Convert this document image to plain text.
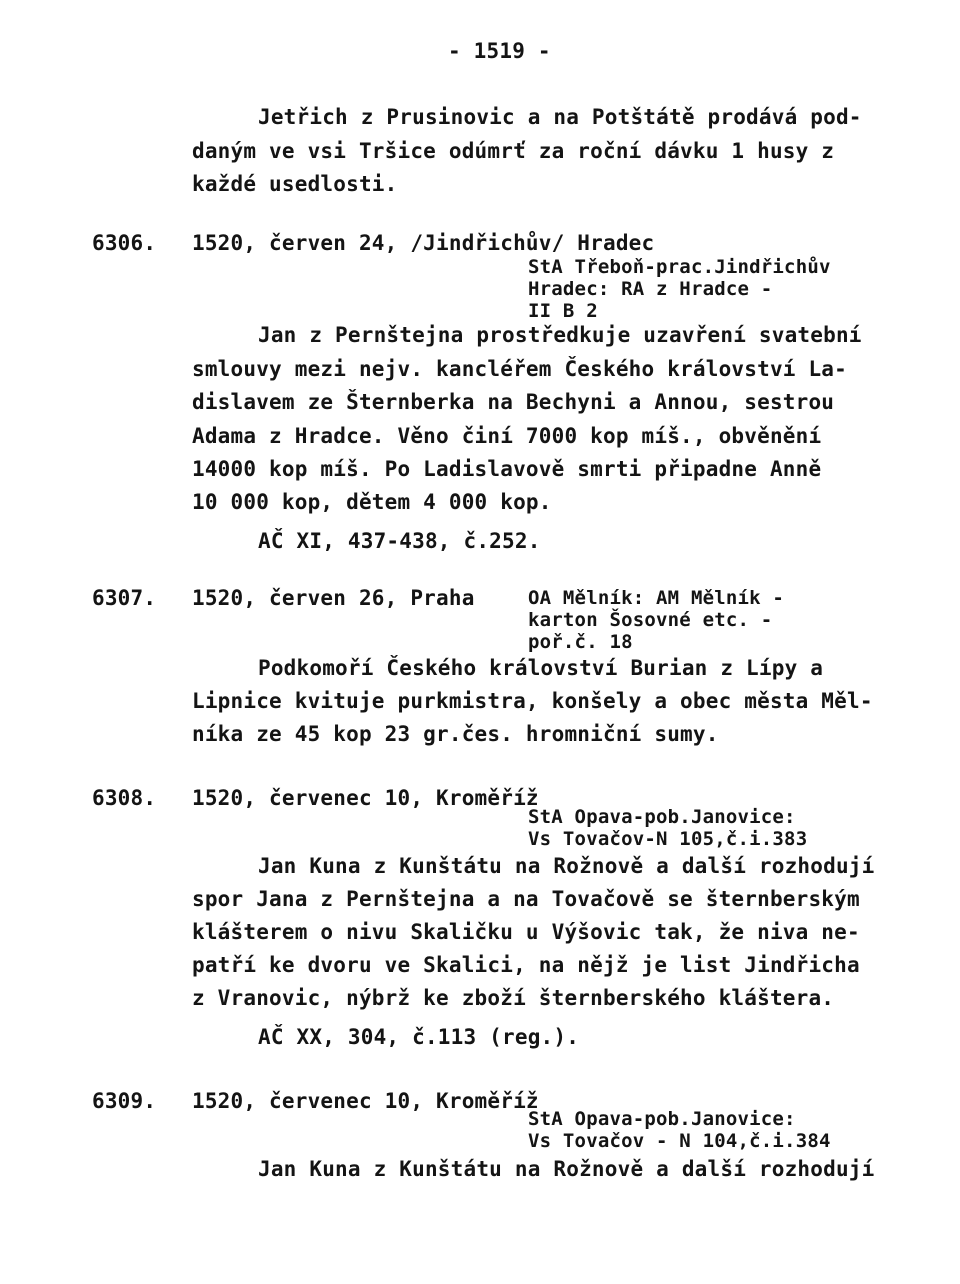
- 1519 -
Jetřich z Prusinovic a na Potštátě prodává pod-
daným ve vsi Tršice odúmrť za roční dávku 1 husy z
každé usedlosti.
6306. 1520, červen 24, /Jindřichův/ Hradec
StA Třeboň-prac.Jindřichův
Hradec: RA z Hradce -
II B 2
Jan z Pernštejna prostředkuje uzavření svatební
smlouvy mezi nejv. kancléřem Českého království La-
dislavem ze Šternberka na Bechyni a Annou, sestrou
Adama z Hradce. Věno činí 7000 kop míš., obvěnění
14000 kop míš. Po Ladislavově smrti připadne Anně
10 000 kop, dětem 4 000 kop.
AČ XI, 437-438, č.252.
6307. 1520, červen 26, Praha	OA Mělník: AM Mělník -
karton Šosovné etc. -
poř.č. 18
Podkomoří Českého království Burian z Lípy a
Lipnice kvituje purkmistra, konšely a obec města Měl-
níka ze 45 kop 23 gr.čes. hromniční sumy.
6308. 1520, červenec 10, Kroměříž
StA Opava-pob.Janovice:
Vs Tovačov-N 105,č.i.383
Jan Kuna z Kunštátu na Rožnově a další rozhodují
spor Jana z Pernštejna a na Tovačově se šternberským
klášterem o nivu Skaličku u Výšovic tak, že niva ne-
patří ke dvoru ve Skalici, na nějž je list Jindřicha
z Vranovic, nýbrž ke zboží šternberského kláštera.
AČ XX, 304, č.113 (reg.).
6309. 1520, červenec 10, Kroměříž
StA Opava-pob.Janovice:
Vs Tovačov - N 104,č.i.384
Jan Kuna z Kunštátu na Rožnově a další rozhodují
